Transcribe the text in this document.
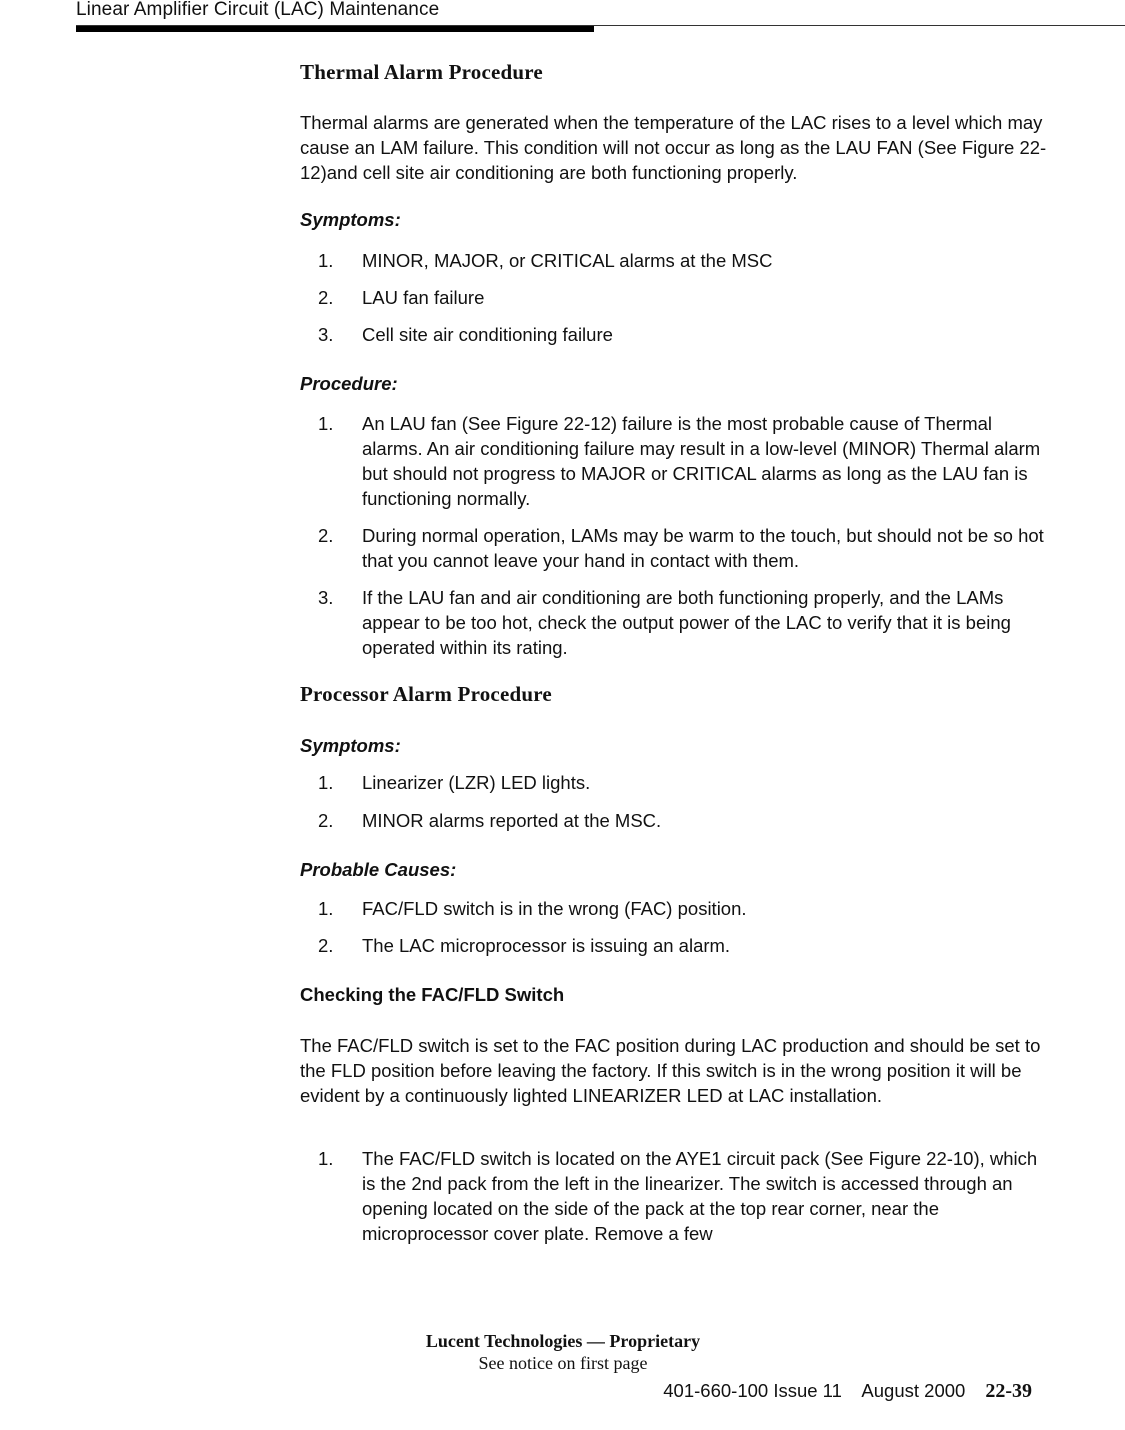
Linear Amplifier Circuit (LAC) Maintenance
Thermal Alarm Procedure

Thermal alarms are generated when the temperature of the LAC rises to a level which may cause an LAM failure. This condition will not occur as long as the LAU FAN (See Figure 22-12)and cell site air conditioning are both functioning properly.

Symptoms:
1. MINOR, MAJOR, or CRITICAL alarms at the MSC
2. LAU fan failure
3. Cell site air conditioning failure
Procedure:
1. An LAU fan (See Figure 22-12) failure is the most probable cause of Thermal alarms. An air conditioning failure may result in a low-level (MINOR) Thermal alarm but should not progress to MAJOR or CRITICAL alarms as long as the LAU fan is functioning normally.
2. During normal operation, LAMs may be warm to the touch, but should not be so hot that you cannot leave your hand in contact with them.
3. If the LAU fan and air conditioning are both functioning properly, and the LAMs appear to be too hot, check the output power of the LAC to verify that it is being operated within its rating.
Processor Alarm Procedure
Symptoms:
1. Linearizer (LZR) LED lights.
2. MINOR alarms reported at the MSC.
Probable Causes:
1. FAC/FLD switch is in the wrong (FAC) position.
2. The LAC microprocessor is issuing an alarm.
Checking the FAC/FLD Switch

The FAC/FLD switch is set to the FAC position during LAC production and should be set to the FLD position before leaving the factory. If this switch is in the wrong position it will be evident by a continuously lighted LINEARIZER LED at LAC installation.

1. The FAC/FLD switch is located on the AYE1 circuit pack (See Figure 22-10), which is the 2nd pack from the left in the linearizer. The switch is accessed through an opening located on the side of the pack at the top rear corner, near the microprocessor cover plate. Remove a few
Lucent Technologies — Proprietary
See notice on first page
401-660-100 Issue 11    August 2000 22-39
